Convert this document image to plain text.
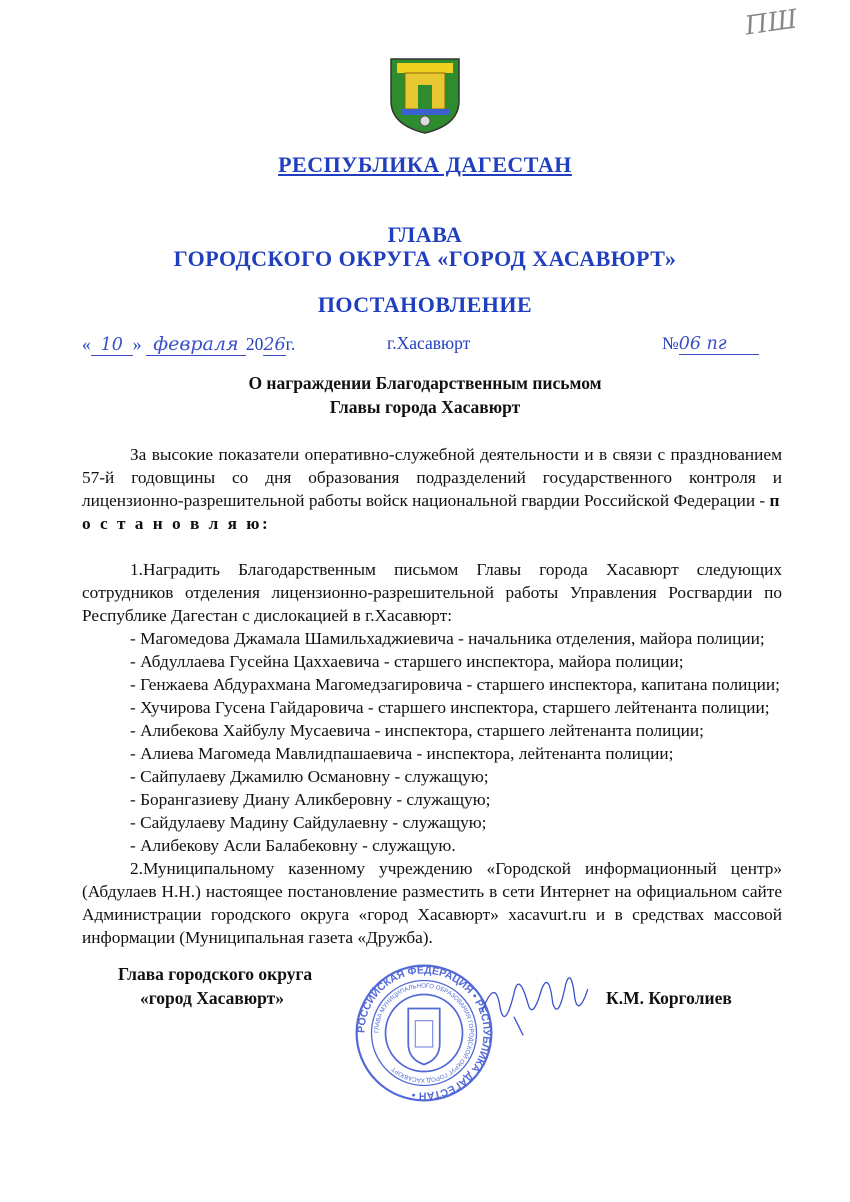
ПШ
РЕСПУБЛИКА ДАГЕСТАН
ГЛАВА
ГОРОДСКОГО ОКРУГА «ГОРОД ХАСАВЮРТ»
ПОСТАНОВЛЕНИЕ
« 10 » февраля 2026г.	г.Хасавюрт	№06 пг
О награждении Благодарственным письмом
Главы города Хасавюрт

За высокие показатели оперативно-служебной деятельности и в связи с празднованием 57-й годовщины со дня образования подразделений государственного контроля и лицензионно-разрешительной работы войск национальной гвардии Российской Федерации - п о с т а н о в л я ю:

1.Наградить Благодарственным письмом Главы города Хасавюрт следующих сотрудников отделения лицензионно-разрешительной работы Управления Росгвардии по Республике Дагестан с дислокацией в г.Хасавюрт:

- Магомедова Джамала Шамильхаджиевича - начальника отделения, майора полиции;

- Абдуллаева Гусейна Цаххаевича - старшего инспектора, майора полиции;

- Генжаева Абдурахмана Магомедзагировича - старшего инспектора, капитана полиции;

- Хучирова Гусена Гайдаровича - старшего инспектора, старшего лейтенанта полиции;

- Алибекова Хайбулу Мусаевича - инспектора, старшего лейтенанта полиции;

- Алиева Магомеда Мавлидпашаевича - инспектора, лейтенанта полиции;

- Сайпулаеву Джамилю Османовну - служащую;

- Борангазиеву Диану Аликберовну - служащую;

- Сайдулаеву Мадину Сайдулаевну - служащую;

- Алибекову Асли Балабековну - служащую.

2.Муниципальному казенному учреждению «Городской информационный центр» (Абдулаев Н.Н.) настоящее постановление разместить в сети Интернет на официальном сайте Администрации городского округа «город Хасавюрт» xacavurt.ru и в средствах массовой информации (Муниципальная газета «Дружба).

Глава городского округа
«город Хасавюрт»
РОССИЙСКАЯ ФЕДЕРАЦИЯ • РЕСПУБЛИКА ДАГЕСТАН •
ГЛАВА МУНИЦИПАЛЬНОГО ОБРАЗОВАНИЯ ГОРОДСКОЙ ОКРУГ ГОРОД ХАСАВЮРТ
К.М. Корголиев
